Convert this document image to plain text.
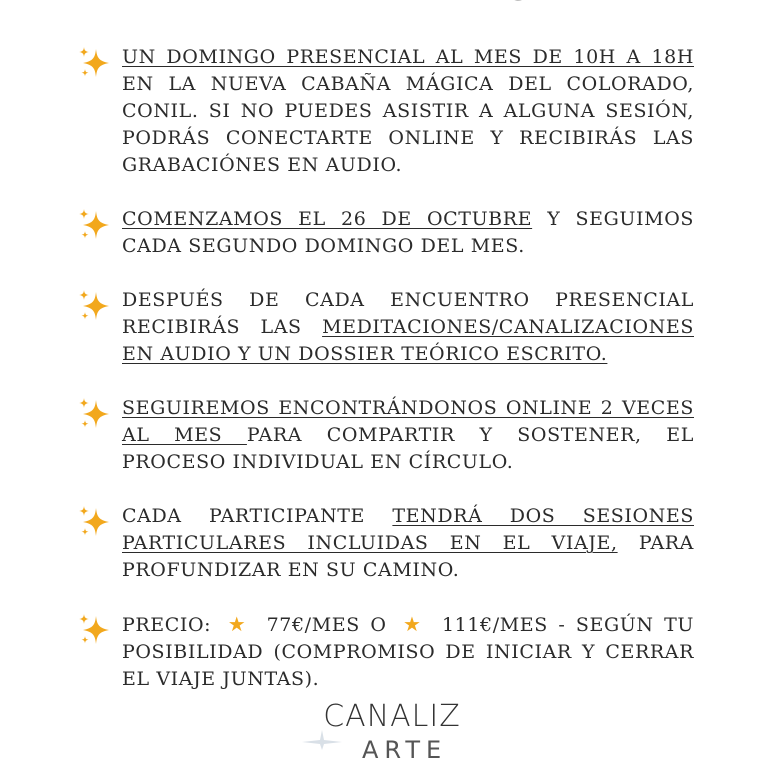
UN DOMINGO PRESENCIAL AL MES DE 10H A 18H EN LA NUEVA CABAÑA MÁGICA DEL COLORADO, CONIL. SI NO PUEDES ASISTIR A ALGUNA SESIÓN, PODRÁS CONECTARTE ONLINE Y RECIBIRÁS LAS GRABACIÓNES EN AUDIO.

COMENZAMOS EL 26 DE OCTUBRE Y SEGUIMOS CADA SEGUNDO DOMINGO DEL MES.

DESPUÉS DE CADA ENCUENTRO PRESENCIAL RECIBIRÁS LAS MEDITACIONES/CANALIZACIONES EN AUDIO Y UN DOSSIER TEÓRICO ESCRITO.

SEGUIREMOS ENCONTRÁNDONOS ONLINE 2 VECES AL MES PARA COMPARTIR Y SOSTENER, EL PROCESO INDIVIDUAL EN CÍRCULO.

CADA PARTICIPANTE TENDRÁ DOS SESIONES PARTICULARES INCLUIDAS EN EL VIAJE, PARA PROFUNDIZAR EN SU CAMINO.

PRECIO: ★ 77€/MES O ★ 111€/MES - SEGÚN TU POSIBILIDAD (COMPROMISO DE INICIAR Y CERRAR EL VIAJE JUNTAS).

CANALIZ
ARTE
